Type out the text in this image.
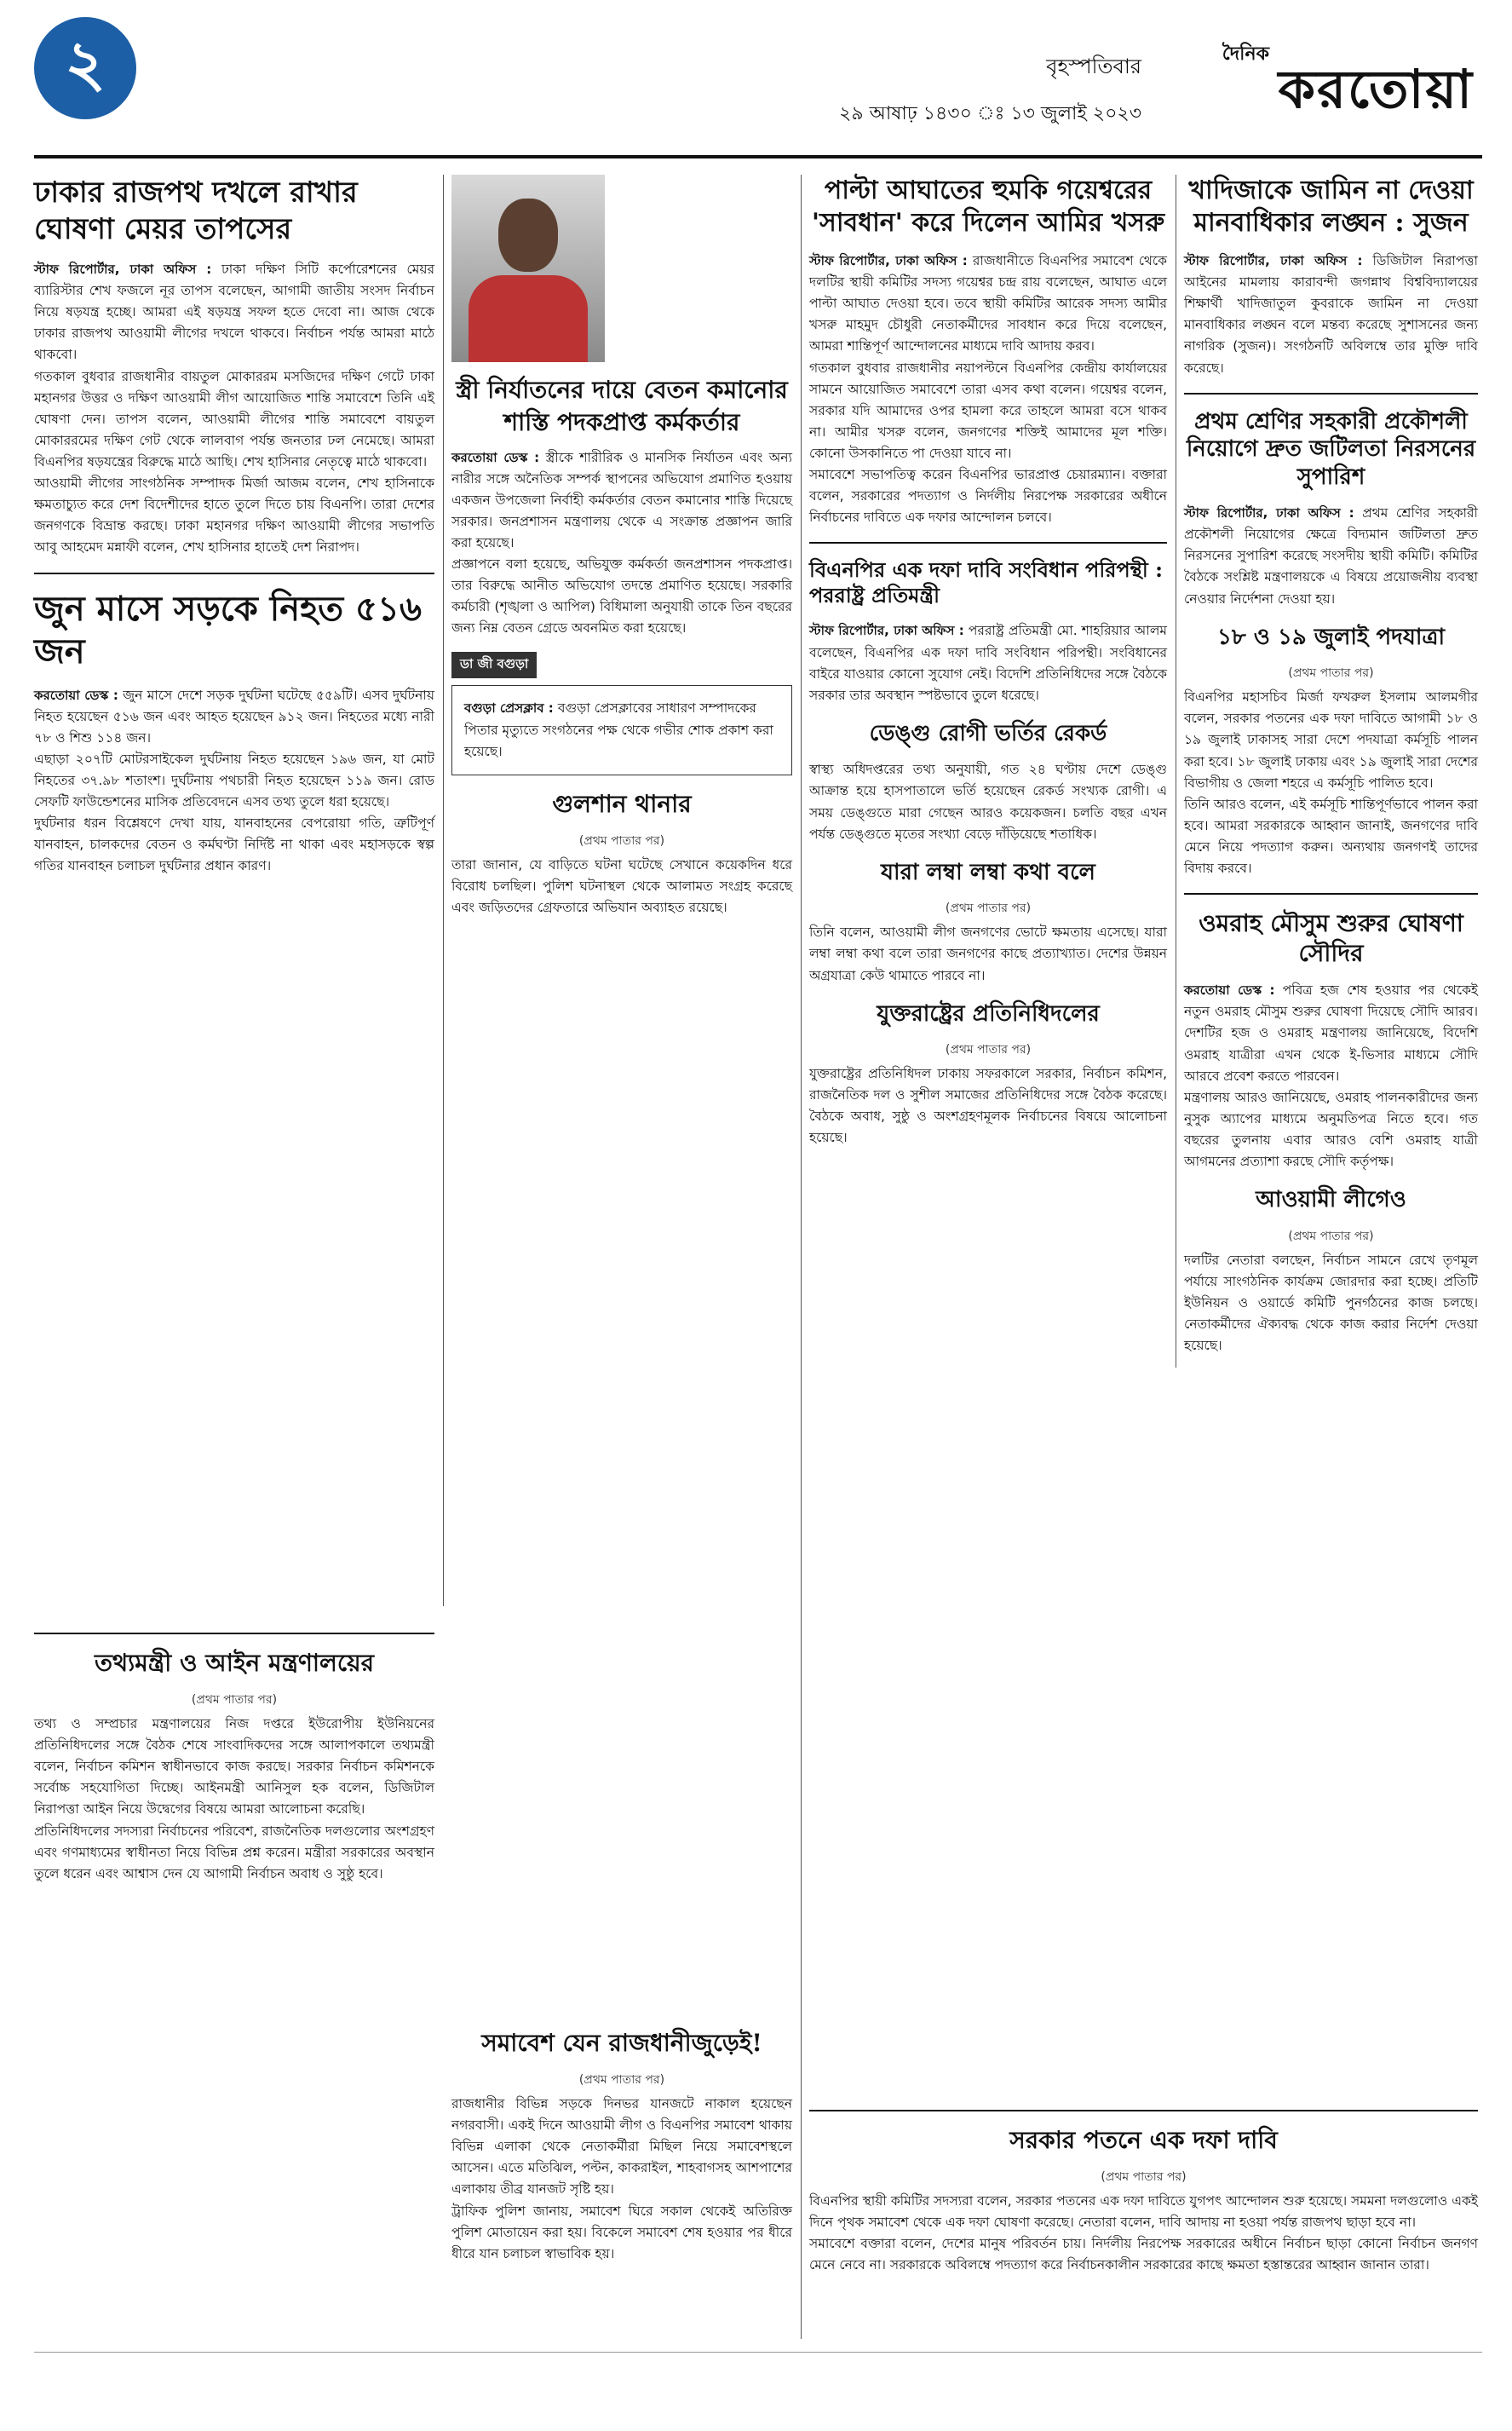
২	বৃহস্পতিবার
২৯ আষাঢ় ১৪৩০ ঃ ১৩ জুলাই ২০২৩
দৈনিক
করতোয়া
ঢাকার রাজপথ দখলে রাখার ঘোষণা মেয়র তাপসের

স্টাফ রিপোর্টার, ঢাকা অফিস : ঢাকা দক্ষিণ সিটি কর্পোরেশনের মেয়র ব্যারিস্টার শেখ ফজলে নূর তাপস বলেছেন, আগামী জাতীয় সংসদ নির্বাচন নিয়ে ষড়যন্ত্র হচ্ছে। আমরা এই ষড়যন্ত্র সফল হতে দেবো না। আজ থেকে ঢাকার রাজপথ আওয়ামী লীগের দখলে থাকবে। নির্বাচন পর্যন্ত আমরা মাঠে থাকবো।

গতকাল বুধবার রাজধানীর বায়তুল মোকাররম মসজিদের দক্ষিণ গেটে ঢাকা মহানগর উত্তর ও দক্ষিণ আওয়ামী লীগ আয়োজিত শান্তি সমাবেশে তিনি এই ঘোষণা দেন। তাপস বলেন, আওয়ামী লীগের শান্তি সমাবেশে বায়তুল মোকাররমের দক্ষিণ গেট থেকে লালবাগ পর্যন্ত জনতার ঢল নেমেছে। আমরা বিএনপির ষড়যন্ত্রের বিরুদ্ধে মাঠে আছি। শেখ হাসিনার নেতৃত্বে মাঠে থাকবো।

আওয়ামী লীগের সাংগঠনিক সম্পাদক মির্জা আজম বলেন, শেখ হাসিনাকে ক্ষমতাচ্যুত করে দেশ বিদেশীদের হাতে তুলে দিতে চায় বিএনপি। তারা দেশের জনগণকে বিভ্রান্ত করছে। ঢাকা মহানগর দক্ষিণ আওয়ামী লীগের সভাপতি আবু আহমেদ মন্নাফী বলেন, শেখ হাসিনার হাতেই দেশ নিরাপদ।

জুন মাসে সড়কে নিহত ৫১৬ জন

করতোয়া ডেস্ক : জুন মাসে দেশে সড়ক দুর্ঘটনা ঘটেছে ৫৫৯টি। এসব দুর্ঘটনায় নিহত হয়েছেন ৫১৬ জন এবং আহত হয়েছেন ৯১২ জন। নিহতের মধ্যে নারী ৭৮ ও শিশু ১১৪ জন।

এছাড়া ২০৭টি মোটরসাইকেল দুর্ঘটনায় নিহত হয়েছেন ১৯৬ জন, যা মোট নিহতের ৩৭.৯৮ শতাংশ। দুর্ঘটনায় পথচারী নিহত হয়েছেন ১১৯ জন। রোড সেফটি ফাউন্ডেশনের মাসিক প্রতিবেদনে এসব তথ্য তুলে ধরা হয়েছে।

দুর্ঘটনার ধরন বিশ্লেষণে দেখা যায়, যানবাহনের বেপরোয়া গতি, ত্রুটিপূর্ণ যানবাহন, চালকদের বেতন ও কর্মঘণ্টা নির্দিষ্ট না থাকা এবং মহাসড়কে স্বল্প গতির যানবাহন চলাচল দুর্ঘটনার প্রধান কারণ।

স্ত্রী নির্যাতনের দায়ে বেতন কমানোর শাস্তি পদকপ্রাপ্ত কর্মকর্তার

করতোয়া ডেস্ক : স্ত্রীকে শারীরিক ও মানসিক নির্যাতন এবং অন্য নারীর সঙ্গে অনৈতিক সম্পর্ক স্থাপনের অভিযোগ প্রমাণিত হওয়ায় একজন উপজেলা নির্বাহী কর্মকর্তার বেতন কমানোর শাস্তি দিয়েছে সরকার। জনপ্রশাসন মন্ত্রণালয় থেকে এ সংক্রান্ত প্রজ্ঞাপন জারি করা হয়েছে।

প্রজ্ঞাপনে বলা হয়েছে, অভিযুক্ত কর্মকর্তা জনপ্রশাসন পদকপ্রাপ্ত। তার বিরুদ্ধে আনীত অভিযোগ তদন্তে প্রমাণিত হয়েছে। সরকারি কর্মচারী (শৃঙ্খলা ও আপিল) বিধিমালা অনুযায়ী তাকে তিন বছরের জন্য নিম্ন বেতন গ্রেডে অবনমিত করা হয়েছে।

ডা জী বগুড়া
বগুড়া প্রেসক্লাব : বগুড়া প্রেসক্লাবের সাধারণ সম্পাদকের পিতার মৃত্যুতে সংগঠনের পক্ষ থেকে গভীর শোক প্রকাশ করা হয়েছে।
গুলশান থানার
(প্রথম পাতার পর)

তারা জানান, যে বাড়িতে ঘটনা ঘটেছে সেখানে কয়েকদিন ধরে বিরোধ চলছিল। পুলিশ ঘটনাস্থল থেকে আলামত সংগ্রহ করেছে এবং জড়িতদের গ্রেফতারে অভিযান অব্যাহত রয়েছে।

পাল্টা আঘাতের হুমকি গয়েশ্বরের 'সাবধান' করে দিলেন আমির খসরু

স্টাফ রিপোর্টার, ঢাকা অফিস : রাজধানীতে বিএনপির সমাবেশ থেকে দলটির স্থায়ী কমিটির সদস্য গয়েশ্বর চন্দ্র রায় বলেছেন, আঘাত এলে পাল্টা আঘাত দেওয়া হবে। তবে স্থায়ী কমিটির আরেক সদস্য আমীর খসরু মাহমুদ চৌধুরী নেতাকর্মীদের সাবধান করে দিয়ে বলেছেন, আমরা শান্তিপূর্ণ আন্দোলনের মাধ্যমে দাবি আদায় করব।

গতকাল বুধবার রাজধানীর নয়াপল্টনে বিএনপির কেন্দ্রীয় কার্যালয়ের সামনে আয়োজিত সমাবেশে তারা এসব কথা বলেন। গয়েশ্বর বলেন, সরকার যদি আমাদের ওপর হামলা করে তাহলে আমরা বসে থাকব না। আমীর খসরু বলেন, জনগণের শক্তিই আমাদের মূল শক্তি। কোনো উসকানিতে পা দেওয়া যাবে না।

সমাবেশে সভাপতিত্ব করেন বিএনপির ভারপ্রাপ্ত চেয়ারম্যান। বক্তারা বলেন, সরকারের পদত্যাগ ও নির্দলীয় নিরপেক্ষ সরকারের অধীনে নির্বাচনের দাবিতে এক দফার আন্দোলন চলবে।

বিএনপির এক দফা দাবি সংবিধান পরিপন্থী : পররাষ্ট্র প্রতিমন্ত্রী

স্টাফ রিপোর্টার, ঢাকা অফিস : পররাষ্ট্র প্রতিমন্ত্রী মো. শাহরিয়ার আলম বলেছেন, বিএনপির এক দফা দাবি সংবিধান পরিপন্থী। সংবিধানের বাইরে যাওয়ার কোনো সুযোগ নেই। বিদেশি প্রতিনিধিদের সঙ্গে বৈঠকে সরকার তার অবস্থান স্পষ্টভাবে তুলে ধরেছে।

ডেঙ্গু রোগী ভর্তির রেকর্ড

স্বাস্থ্য অধিদপ্তরের তথ্য অনুযায়ী, গত ২৪ ঘণ্টায় দেশে ডেঙ্গু আক্রান্ত হয়ে হাসপাতালে ভর্তি হয়েছেন রেকর্ড সংখ্যক রোগী। এ সময় ডেঙ্গুতে মারা গেছেন আরও কয়েকজন। চলতি বছর এখন পর্যন্ত ডেঙ্গুতে মৃতের সংখ্যা বেড়ে দাঁড়িয়েছে শতাধিক।

যারা লম্বা লম্বা কথা বলে
(প্রথম পাতার পর)

তিনি বলেন, আওয়ামী লীগ জনগণের ভোটে ক্ষমতায় এসেছে। যারা লম্বা লম্বা কথা বলে তারা জনগণের কাছে প্রত্যাখ্যাত। দেশের উন্নয়ন অগ্রযাত্রা কেউ থামাতে পারবে না।

যুক্তরাষ্ট্রের প্রতিনিধিদলের
(প্রথম পাতার পর)

যুক্তরাষ্ট্রের প্রতিনিধিদল ঢাকায় সফরকালে সরকার, নির্বাচন কমিশন, রাজনৈতিক দল ও সুশীল সমাজের প্রতিনিধিদের সঙ্গে বৈঠক করেছে। বৈঠকে অবাধ, সুষ্ঠু ও অংশগ্রহণমূলক নির্বাচনের বিষয়ে আলোচনা হয়েছে।

খাদিজাকে জামিন না দেওয়া মানবাধিকার লঙ্ঘন : সুজন

স্টাফ রিপোর্টার, ঢাকা অফিস : ডিজিটাল নিরাপত্তা আইনের মামলায় কারাবন্দী জগন্নাথ বিশ্ববিদ্যালয়ের শিক্ষার্থী খাদিজাতুল কুবরাকে জামিন না দেওয়া মানবাধিকার লঙ্ঘন বলে মন্তব্য করেছে সুশাসনের জন্য নাগরিক (সুজন)। সংগঠনটি অবিলম্বে তার মুক্তি দাবি করেছে।

প্রথম শ্রেণির সহকারী প্রকৌশলী নিয়োগে দ্রুত জটিলতা নিরসনের সুপারিশ

স্টাফ রিপোর্টার, ঢাকা অফিস : প্রথম শ্রেণির সহকারী প্রকৌশলী নিয়োগের ক্ষেত্রে বিদ্যমান জটিলতা দ্রুত নিরসনের সুপারিশ করেছে সংসদীয় স্থায়ী কমিটি। কমিটির বৈঠকে সংশ্লিষ্ট মন্ত্রণালয়কে এ বিষয়ে প্রয়োজনীয় ব্যবস্থা নেওয়ার নির্দেশনা দেওয়া হয়।

১৮ ও ১৯ জুলাই পদযাত্রা
(প্রথম পাতার পর)

বিএনপির মহাসচিব মির্জা ফখরুল ইসলাম আলমগীর বলেন, সরকার পতনের এক দফা দাবিতে আগামী ১৮ ও ১৯ জুলাই ঢাকাসহ সারা দেশে পদযাত্রা কর্মসূচি পালন করা হবে। ১৮ জুলাই ঢাকায় এবং ১৯ জুলাই সারা দেশের বিভাগীয় ও জেলা শহরে এ কর্মসূচি পালিত হবে।

তিনি আরও বলেন, এই কর্মসূচি শান্তিপূর্ণভাবে পালন করা হবে। আমরা সরকারকে আহ্বান জানাই, জনগণের দাবি মেনে নিয়ে পদত্যাগ করুন। অন্যথায় জনগণই তাদের বিদায় করবে।

ওমরাহ মৌসুম শুরুর ঘোষণা সৌদির

করতোয়া ডেস্ক : পবিত্র হজ শেষ হওয়ার পর থেকেই নতুন ওমরাহ মৌসুম শুরুর ঘোষণা দিয়েছে সৌদি আরব। দেশটির হজ ও ওমরাহ মন্ত্রণালয় জানিয়েছে, বিদেশি ওমরাহ যাত্রীরা এখন থেকে ই-ভিসার মাধ্যমে সৌদি আরবে প্রবেশ করতে পারবেন।

মন্ত্রণালয় আরও জানিয়েছে, ওমরাহ পালনকারীদের জন্য নুসুক অ্যাপের মাধ্যমে অনুমতিপত্র নিতে হবে। গত বছরের তুলনায় এবার আরও বেশি ওমরাহ যাত্রী আগমনের প্রত্যাশা করছে সৌদি কর্তৃপক্ষ।

আওয়ামী লীগেও
(প্রথম পাতার পর)

দলটির নেতারা বলছেন, নির্বাচন সামনে রেখে তৃণমূল পর্যায়ে সাংগঠনিক কার্যক্রম জোরদার করা হচ্ছে। প্রতিটি ইউনিয়ন ও ওয়ার্ডে কমিটি পুনর্গঠনের কাজ চলছে। নেতাকর্মীদের ঐক্যবদ্ধ থেকে কাজ করার নির্দেশ দেওয়া হয়েছে।

তথ্যমন্ত্রী ও আইন মন্ত্রণালয়ের
(প্রথম পাতার পর)

তথ্য ও সম্প্রচার মন্ত্রণালয়ের নিজ দপ্তরে ইউরোপীয় ইউনিয়নের প্রতিনিধিদলের সঙ্গে বৈঠক শেষে সাংবাদিকদের সঙ্গে আলাপকালে তথ্যমন্ত্রী বলেন, নির্বাচন কমিশন স্বাধীনভাবে কাজ করছে। সরকার নির্বাচন কমিশনকে সর্বোচ্চ সহযোগিতা দিচ্ছে। আইনমন্ত্রী আনিসুল হক বলেন, ডিজিটাল নিরাপত্তা আইন নিয়ে উদ্বেগের বিষয়ে আমরা আলোচনা করেছি।

প্রতিনিধিদলের সদস্যরা নির্বাচনের পরিবেশ, রাজনৈতিক দলগুলোর অংশগ্রহণ এবং গণমাধ্যমের স্বাধীনতা নিয়ে বিভিন্ন প্রশ্ন করেন। মন্ত্রীরা সরকারের অবস্থান তুলে ধরেন এবং আশ্বাস দেন যে আগামী নির্বাচন অবাধ ও সুষ্ঠু হবে।

সমাবেশ যেন রাজধানীজুড়েই!
(প্রথম পাতার পর)

রাজধানীর বিভিন্ন সড়কে দিনভর যানজটে নাকাল হয়েছেন নগরবাসী। একই দিনে আওয়ামী লীগ ও বিএনপির সমাবেশ থাকায় বিভিন্ন এলাকা থেকে নেতাকর্মীরা মিছিল নিয়ে সমাবেশস্থলে আসেন। এতে মতিঝিল, পল্টন, কাকরাইল, শাহবাগসহ আশপাশের এলাকায় তীব্র যানজট সৃষ্টি হয়।

ট্রাফিক পুলিশ জানায়, সমাবেশ ঘিরে সকাল থেকেই অতিরিক্ত পুলিশ মোতায়েন করা হয়। বিকেলে সমাবেশ শেষ হওয়ার পর ধীরে ধীরে যান চলাচল স্বাভাবিক হয়।

সরকার পতনে এক দফা দাবি
(প্রথম পাতার পর)

বিএনপির স্থায়ী কমিটির সদস্যরা বলেন, সরকার পতনের এক দফা দাবিতে যুগপৎ আন্দোলন শুরু হয়েছে। সমমনা দলগুলোও একই দিনে পৃথক সমাবেশ থেকে এক দফা ঘোষণা করেছে। নেতারা বলেন, দাবি আদায় না হওয়া পর্যন্ত রাজপথ ছাড়া হবে না।

সমাবেশে বক্তারা বলেন, দেশের মানুষ পরিবর্তন চায়। নির্দলীয় নিরপেক্ষ সরকারের অধীনে নির্বাচন ছাড়া কোনো নির্বাচন জনগণ মেনে নেবে না। সরকারকে অবিলম্বে পদত্যাগ করে নির্বাচনকালীন সরকারের কাছে ক্ষমতা হস্তান্তরের আহ্বান জানান তারা।
